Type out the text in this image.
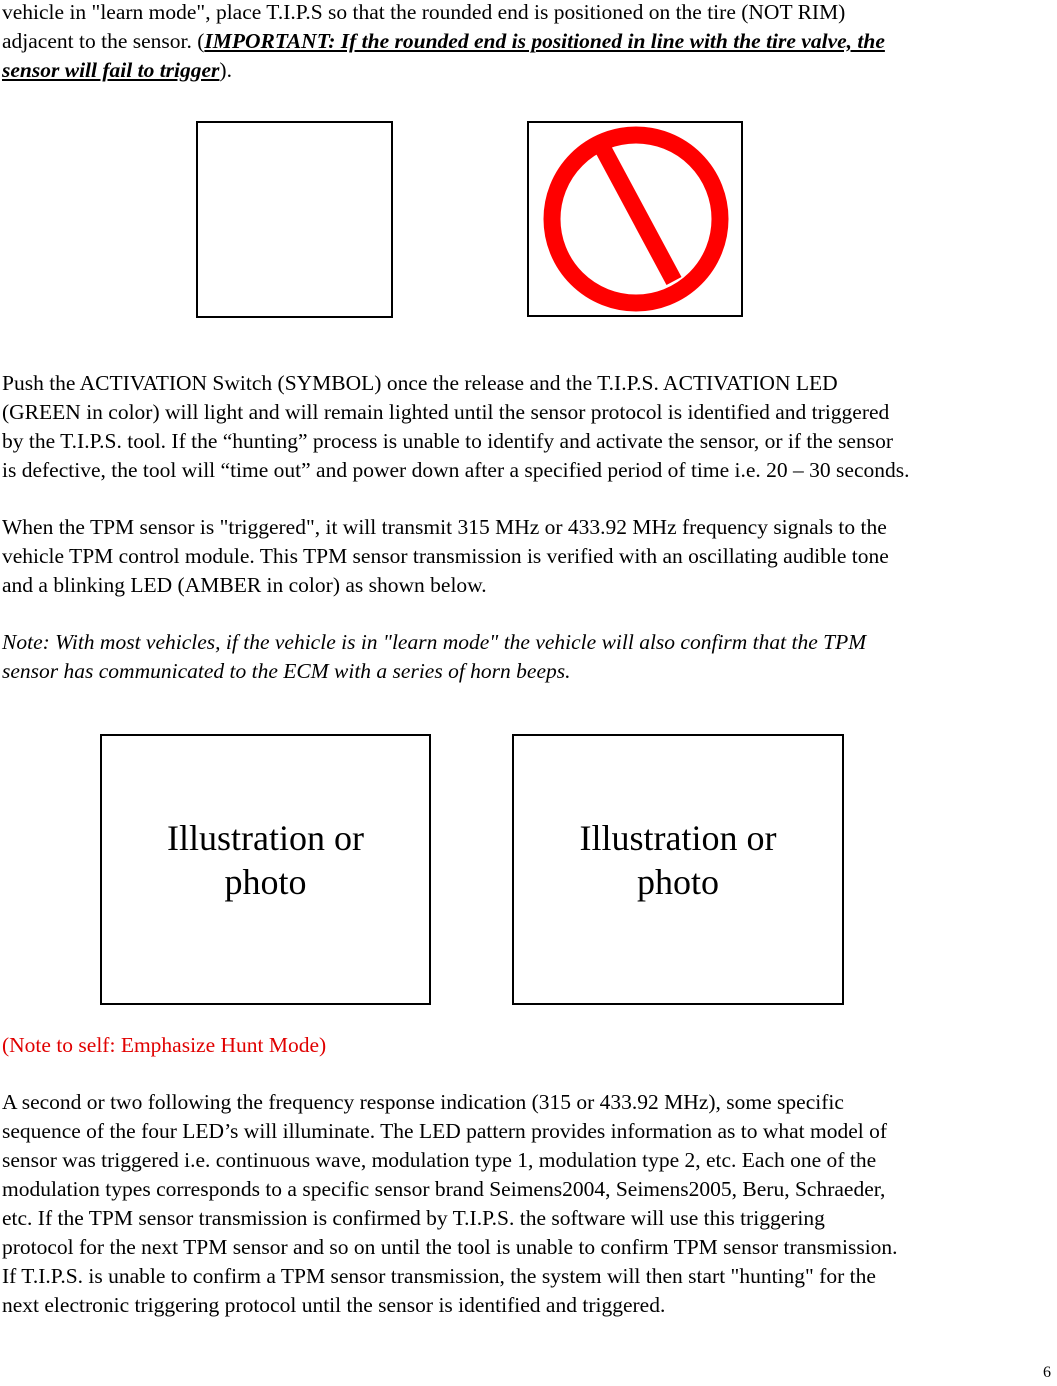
vehicle in "learn mode", place T.I.P.S so that the rounded end is positioned on the tire (NOT RIM)
adjacent to the sensor. (IMPORTANT: If the rounded end is positioned in line with the tire valve, the
sensor will fail to trigger).
Push the ACTIVATION Switch (SYMBOL) once the release and the T.I.P.S. ACTIVATION LED
(GREEN in color) will light and will remain lighted until the sensor protocol is identified and triggered
by the T.I.P.S. tool. If the “hunting” process is unable to identify and activate the sensor, or if the sensor
is defective, the tool will “time out” and power down after a specified period of time i.e. 20 – 30 seconds.
When the TPM sensor is "triggered", it will transmit 315 MHz or 433.92 MHz frequency signals to the
vehicle TPM control module. This TPM sensor transmission is verified with an oscillating audible tone
and a blinking LED (AMBER in color) as shown below.
Note: With most vehicles, if the vehicle is in "learn mode" the vehicle will also confirm that the TPM
sensor has communicated to the ECM with a series of horn beeps.
Illustration or
photo
Illustration or
photo
(Note to self: Emphasize Hunt Mode)
A second or two following the frequency response indication (315 or 433.92 MHz), some specific
sequence of the four LED’s will illuminate. The LED pattern provides information as to what model of
sensor was triggered i.e. continuous wave, modulation type 1, modulation type 2, etc. Each one of the
modulation types corresponds to a specific sensor brand Seimens2004, Seimens2005, Beru, Schraeder,
etc. If the TPM sensor transmission is confirmed by T.I.P.S. the software will use this triggering
protocol for the next TPM sensor and so on until the tool is unable to confirm TPM sensor transmission.
If T.I.P.S. is unable to confirm a TPM sensor transmission, the system will then start "hunting" for the
next electronic triggering protocol until the sensor is identified and triggered.
6
